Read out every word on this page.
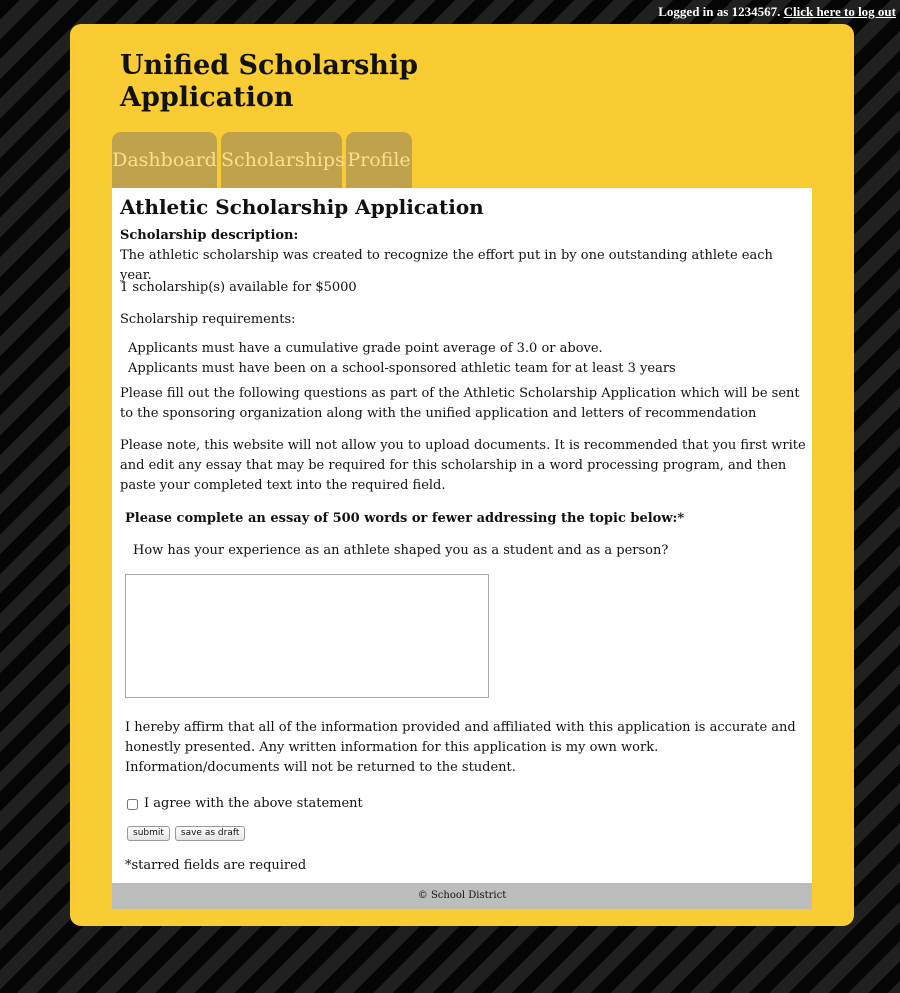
Logged in as 1234567. Click here to log out
Unified Scholarship Application
Dashboard Scholarships Profile
Athletic Scholarship Application
Scholarship description:
The athletic scholarship was created to recognize the effort put in by one outstanding athlete each year.
1 scholarship(s) available for $5000
Scholarship requirements:
Applicants must have a cumulative grade point average of 3.0 or above.
Applicants must have been on a school-sponsored athletic team for at least 3 years
Please fill out the following questions as part of the Athletic Scholarship Application which will be sent to the sponsoring organization along with the unified application and letters of recommendation
Please note, this website will not allow you to upload documents. It is recommended that you first write and edit any essay that may be required for this scholarship in a word processing program, and then paste your completed text into the required field.
Please complete an essay of 500 words or fewer addressing the topic below:*
How has your experience as an athlete shaped you as a student and as a person?
I hereby affirm that all of the information provided and affiliated with this application is accurate and honestly presented. Any written information for this application is my own work. Information/documents will not be returned to the student.
I agree with the above statement
submit	save as draft
*starred fields are required
© School District
